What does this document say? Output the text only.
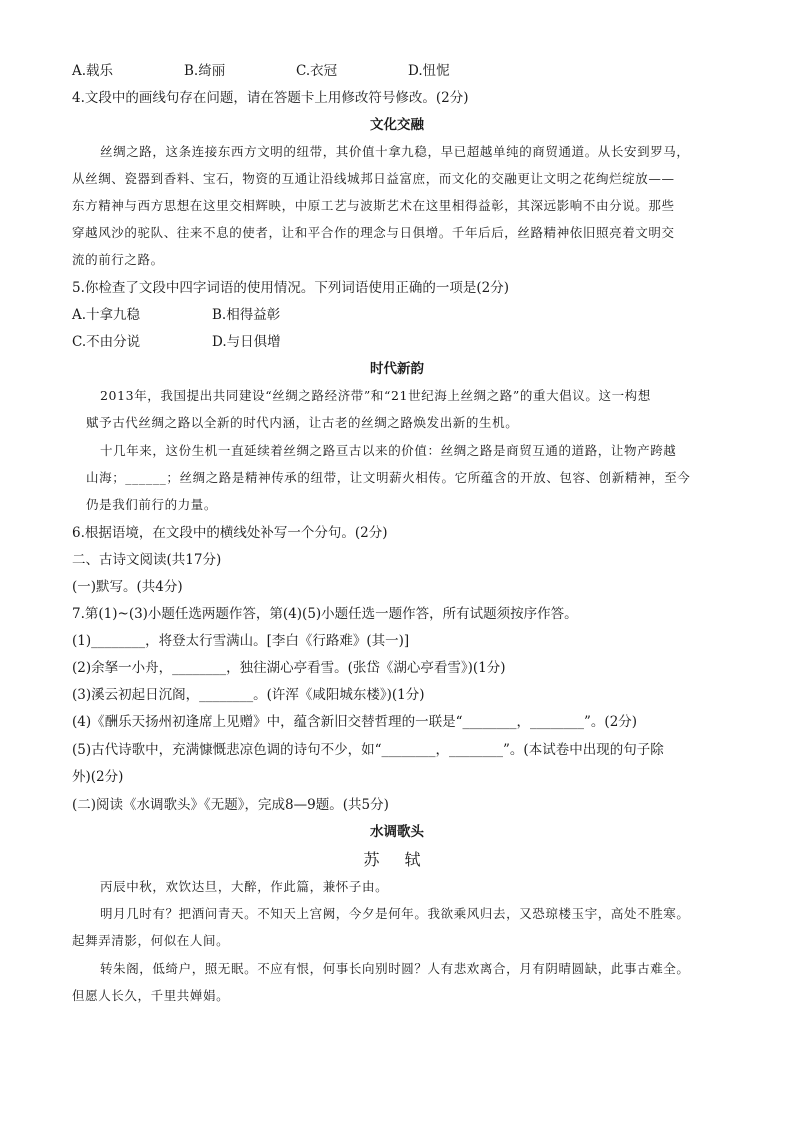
A.载乐	B.绮丽	C.衣冠	D.忸怩
4.文段中的画线句存在问题，请在答题卡上用修改符号修改。(2分)
文化交融
丝绸之路，这条连接东西方文明的纽带，其价值十拿九稳，早已超越单纯的商贸通道。从长安到罗马，
从丝绸、瓷器到香料、宝石，物资的互通让沿线城邦日益富庶，而文化的交融更让文明之花绚烂绽放——
东方精神与西方思想在这里交相辉映，中原工艺与波斯艺术在这里相得益彰，其深远影响不由分说。那些
穿越风沙的驼队、往来不息的使者，让和平合作的理念与日俱增。千年后后，丝路精神依旧照亮着文明交
流的前行之路。
5.你检查了文段中四字词语的使用情况。下列词语使用正确的一项是(2分)
A.十拿九稳	B.相得益彰
C.不由分说	D.与日俱增
时代新韵
2013年，我国提出共同建设“丝绸之路经济带”和“21世纪海上丝绸之路”的重大倡议。这一构想
赋予古代丝绸之路以全新的时代内涵，让古老的丝绸之路焕发出新的生机。
十几年来，这份生机一直延续着丝绸之路亘古以来的价值：丝绸之路是商贸互通的道路，让物产跨越
山海；______；丝绸之路是精神传承的纽带，让文明薪火相传。它所蕴含的开放、包容、创新精神，至今
仍是我们前行的力量。
6.根据语境，在文段中的横线处补写一个分句。(2分)
二、古诗文阅读(共17分)
(一)默写。(共4分)
7.第(1)~(3)小题任选两题作答，第(4)(5)小题任选一题作答，所有试题须按序作答。
(1)________，将登太行雪满山。[李白《行路难》(其一)]
(2)余拏一小舟，________，独往湖心亭看雪。(张岱《湖心亭看雪》)(1分)
(3)溪云初起日沉阁，________。(许浑《咸阳城东楼》)(1分)
(4)《酬乐天扬州初逢席上见赠》中，蕴含新旧交替哲理的一联是“________，________”。(2分)
(5)古代诗歌中，充满慷慨悲凉色调的诗句不少，如“________，________”。(本试卷中出现的句子除
外)(2分)
(二)阅读《水调歌头》《无题》，完成8—9题。(共5分)
水调歌头
苏 轼
丙辰中秋，欢饮达旦，大醉，作此篇，兼怀子由。
明月几时有？把酒问青天。不知天上宫阙，今夕是何年。我欲乘风归去，又恐琼楼玉宇，高处不胜寒。
起舞弄清影，何似在人间。
转朱阁，低绮户，照无眠。不应有恨，何事长向别时圆？人有悲欢离合，月有阴晴圆缺，此事古难全。
但愿人长久，千里共婵娟。
